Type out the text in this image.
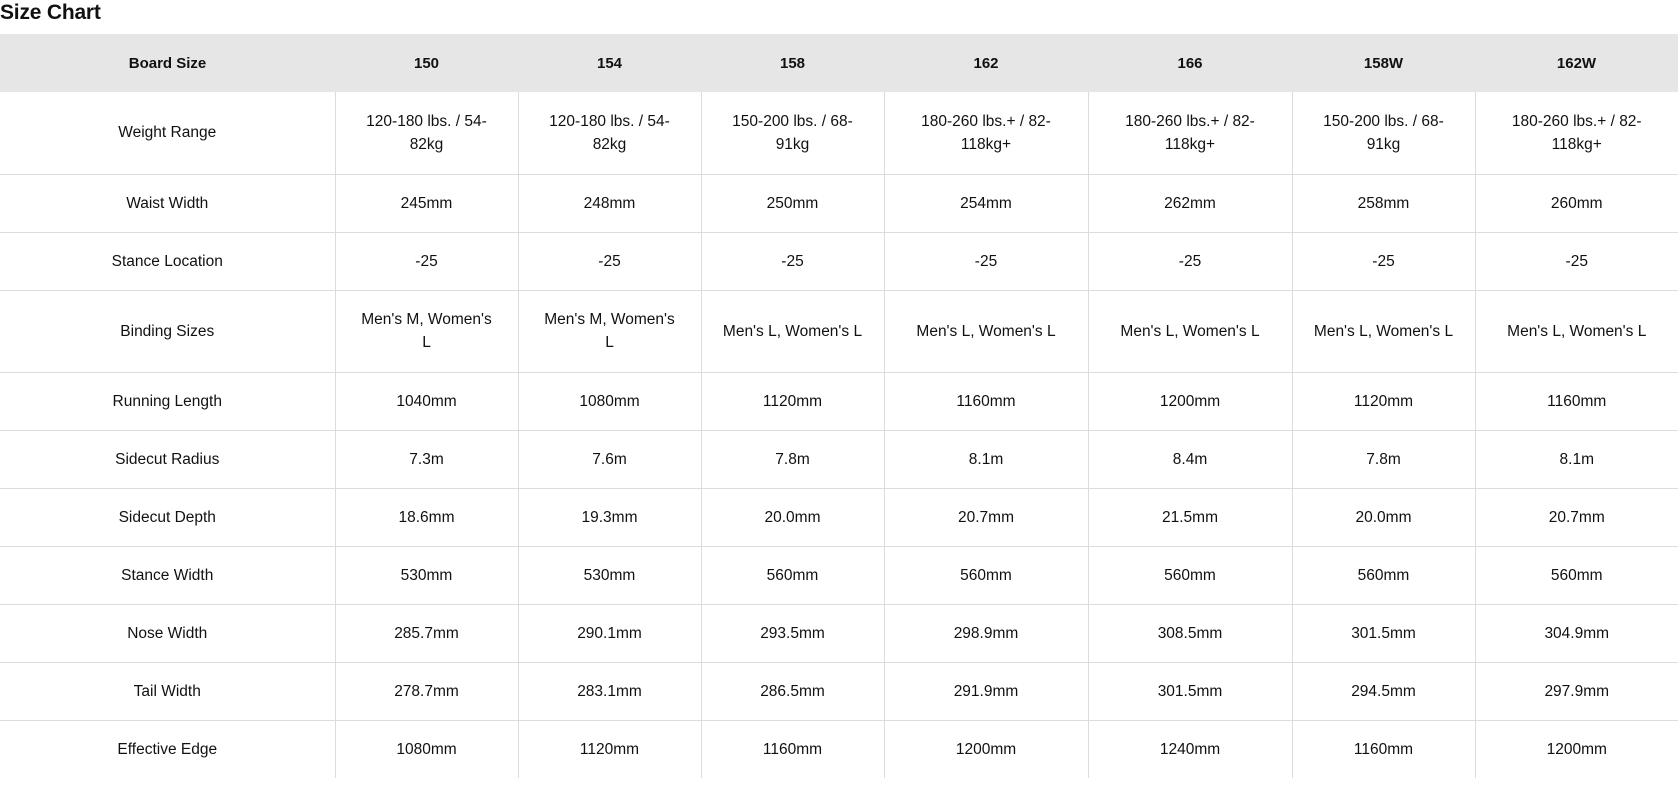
Size Chart
Board Size	150	154	158	162	166	158W	162W
Weight Range	120-180 lbs. / 54-82kg	120-180 lbs. / 54-82kg	150-200 lbs. / 68-91kg	180-260 lbs.+ / 82-118kg+	180-260 lbs.+ / 82-118kg+	150-200 lbs. / 68-91kg	180-260 lbs.+ / 82-118kg+
Waist Width	245mm	248mm	250mm	254mm	262mm	258mm	260mm
Stance Location	-25	-25	-25	-25	-25	-25	-25
Binding Sizes	Men's M, Women's L	Men's M, Women's L	Men's L, Women's L	Men's L, Women's L	Men's L, Women's L	Men's L, Women's L	Men's L, Women's L
Running Length	1040mm	1080mm	1120mm	1160mm	1200mm	1120mm	1160mm
Sidecut Radius	7.3m	7.6m	7.8m	8.1m	8.4m	7.8m	8.1m
Sidecut Depth	18.6mm	19.3mm	20.0mm	20.7mm	21.5mm	20.0mm	20.7mm
Stance Width	530mm	530mm	560mm	560mm	560mm	560mm	560mm
Nose Width	285.7mm	290.1mm	293.5mm	298.9mm	308.5mm	301.5mm	304.9mm
Tail Width	278.7mm	283.1mm	286.5mm	291.9mm	301.5mm	294.5mm	297.9mm
Effective Edge	1080mm	1120mm	1160mm	1200mm	1240mm	1160mm	1200mm
